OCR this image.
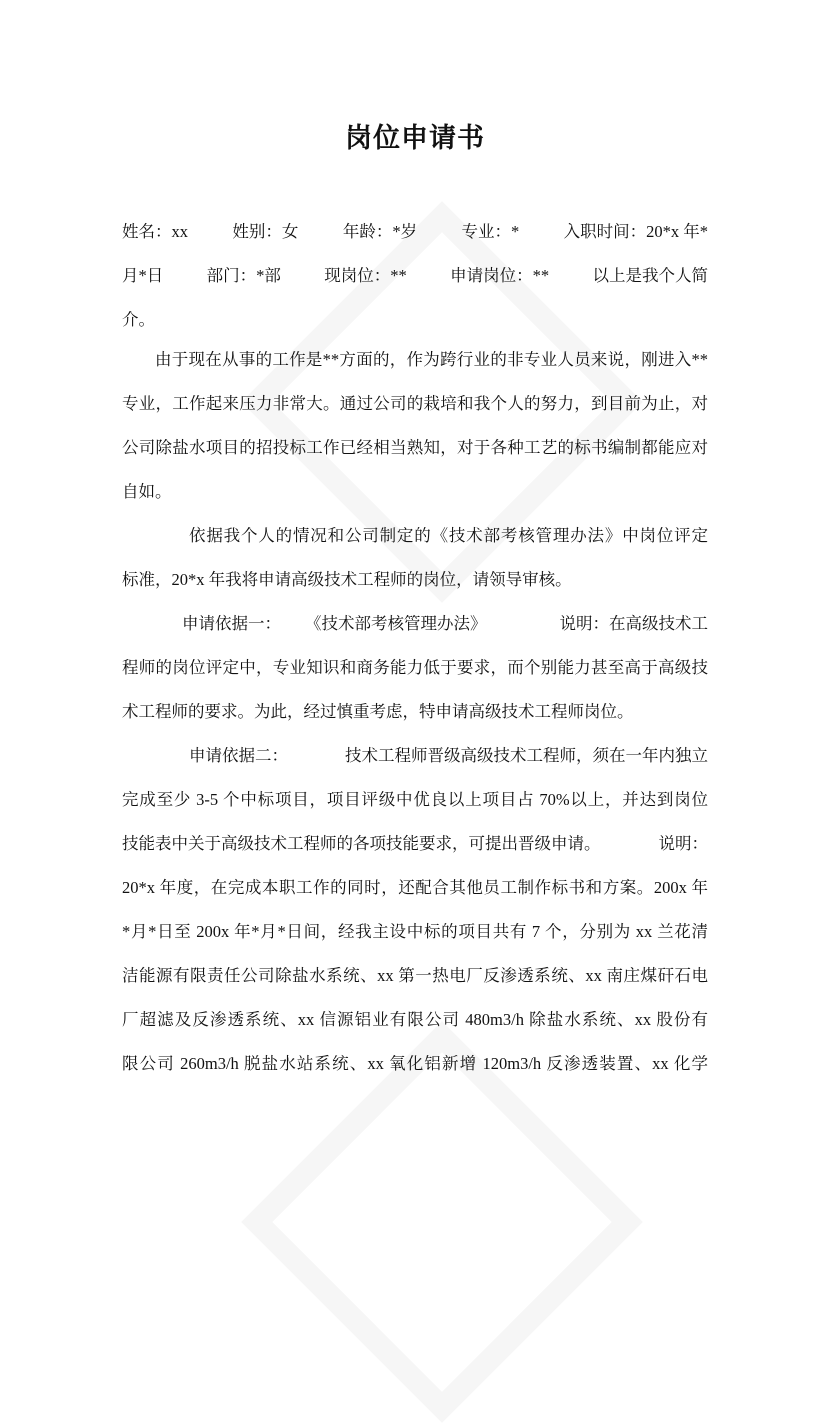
岗位申请书
姓名：xx	姓别：女	年龄：*岁	专业：*	入职时间：20*x 年*
月*日	部门：*部	现岗位：**	申请岗位：**	以上是我个人简
介。
由于现在从事的工作是**方面的，作为跨行业的非专业人员来说，刚进入**
专业，工作起来压力非常大。通过公司的栽培和我个人的努力，到目前为止，对
公司除盐水项目的招投标工作已经相当熟知，对于各种工艺的标书编制都能应对
自如。
依据我个人的情况和公司制定的《技术部考核管理办法》中岗位评定
标准，20*x 年我将申请高级技术工程师的岗位，请领导审核。
申请依据一： 《技术部考核管理办法》	说明：在高级技术工
程师的岗位评定中，专业知识和商务能力低于要求，而个别能力甚至高于高级技
术工程师的要求。为此，经过慎重考虑，特申请高级技术工程师岗位。
申请依据二：	技术工程师晋级高级技术工程师，须在一年内独立
完成至少 3-5 个中标项目，项目评级中优良以上项目占 70%以上，并达到岗位
技能表中关于高级技术工程师的各项技能要求，可提出晋级申请。	说明：
20*x 年度，在完成本职工作的同时，还配合其他员工制作标书和方案。200x 年
*月*日至 200x 年*月*日间，经我主设中标的项目共有 7 个，分别为 xx 兰花清
洁能源有限责任公司除盐水系统、xx 第一热电厂反渗透系统、xx 南庄煤矸石电
厂超滤及反渗透系统、xx 信源铝业有限公司 480m3/h 除盐水系统、xx 股份有
限公司 260m3/h 脱盐水站系统、xx 氧化铝新增 120m3/h 反渗透装置、xx 化学
